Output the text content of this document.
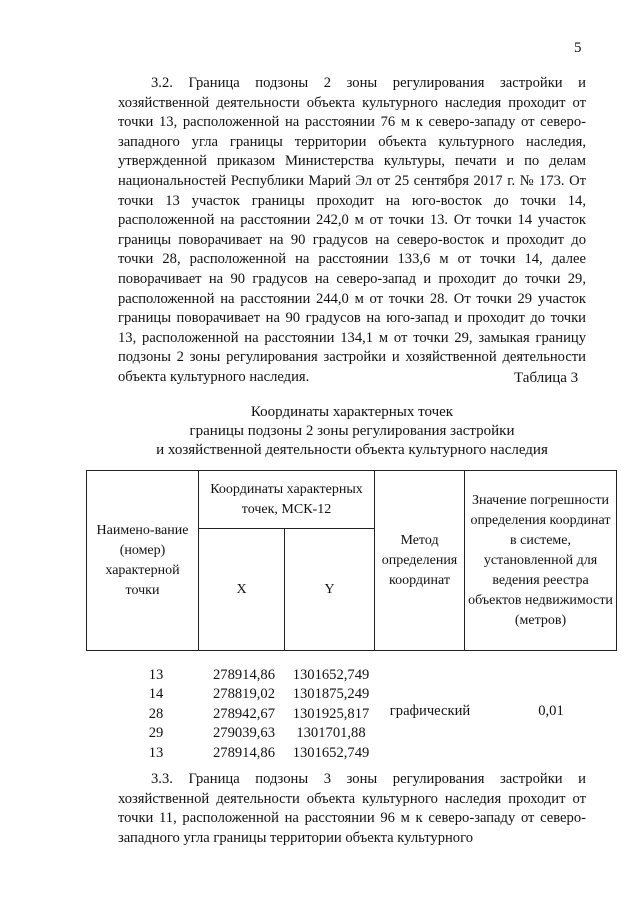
5

3.2. Граница подзоны 2 зоны регулирования застройки и хозяйственной деятельности объекта культурного наследия проходит от точки 13, расположенной на расстоянии 76 м к северо-западу от северо-западного угла границы территории объекта культурного наследия, утвержденной приказом Министерства культуры, печати и по делам национальностей Республики Марий Эл от 25 сентября 2017 г. № 173. От точки 13 участок границы проходит на юго-восток до точки 14, расположенной на расстоянии 242,0 м от точки 13. От точки 14 участок границы поворачивает на 90 градусов на северо-восток и проходит до точки 28, расположенной на расстоянии 133,6 м от точки 14, далее поворачивает на 90 градусов на северо-запад и проходит до точки 29, расположенной на расстоянии 244,0 м от точки 28. От точки 29 участок границы поворачивает на 90 градусов на юго-запад и проходит до точки 13, расположенной на расстоянии 134,1 м от точки 29, замыкая границу подзоны 2 зоны регулирования застройки и хозяйственной деятельности объекта культурного наследия.	Таблица 3
Координаты характерных точек
границы подзоны 2 зоны регулирования застройки
и хозяйственной деятельности объекта культурного наследия
Наимено-вание (номер) характерной точки	Координаты характерных точек, МСК-12		Метод определения координат	Значение погрешности определения координат в системе, установленной для ведения реестра объектов недвижимости (метров)
	X	Y		
13	278914,86	1301652,749
14	278819,02	1301875,249
28	278942,67	1301925,817
29	279039,63	1301701,88
13	278914,86	1301652,749
графический	0,01

3.3. Граница подзоны 3 зоны регулирования застройки и хозяйственной деятельности объекта культурного наследия проходит от точки 11, расположенной на расстоянии 96 м к северо-западу от северо-западного угла границы территории объекта культурного
